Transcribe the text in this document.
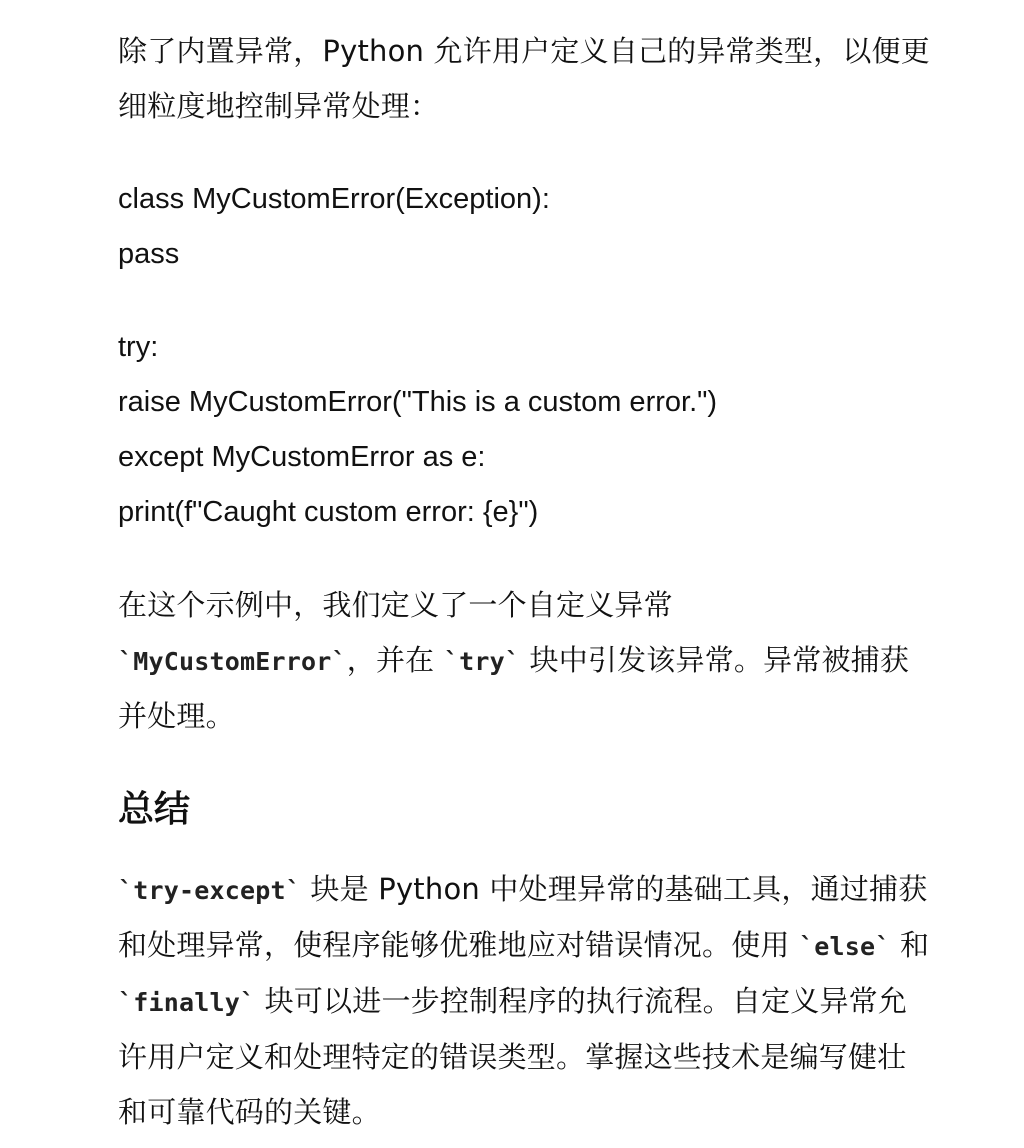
除了内置异常，Python 允许用户定义自己的异常类型，以便更
细粒度地控制异常处理：

class MyCustomError(Exception):
pass
try:
raise MyCustomError("This is a custom error.")
except MyCustomError as e:
print(f"Caught custom error: {e}")

在这个示例中，我们定义了一个自定义异常
`MyCustomError`，并在 `try` 块中引发该异常。异常被捕获
并处理。

总结

`try-except` 块是 Python 中处理异常的基础工具，通过捕获
和处理异常，使程序能够优雅地应对错误情况。使用 `else` 和
`finally` 块可以进一步控制程序的执行流程。自定义异常允
许用户定义和处理特定的错误类型。掌握这些技术是编写健壮
和可靠代码的关键。
